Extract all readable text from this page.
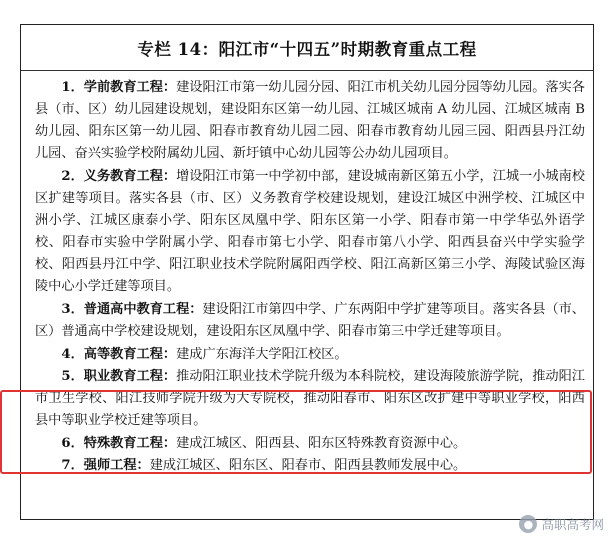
专栏 14：阳江市“十四五”时期教育重点工程

1．学前教育工程：建设阳江市第一幼儿园分园、阳江市机关幼儿园分园等幼儿园。落实各县（市、区）幼儿园建设规划，建设阳东区第一幼儿园、江城区城南 A 幼儿园、江城区城南 B 幼儿园、阳东区第一幼儿园、阳春市教育幼儿园二园、阳春市教育幼儿园三园、阳西县丹江幼儿园、奋兴实验学校附属幼儿园、新圩镇中心幼儿园等公办幼儿园项目。

2．义务教育工程：增设阳江市第一中学初中部，建设城南新区第五小学，江城一小城南校区扩建等项目。落实各县（市、区）义务教育学校建设规划，建设江城区中洲学校、江城区中洲小学、江城区康泰小学、阳东区凤凰中学、阳东区第一小学、阳春市第一中学华弘外语学校、阳春市实验中学附属小学、阳春市第七小学、阳春市第八小学、阳西县奋兴中学实验学校、阳西县丹江中学、阳江职业技术学院附属阳西学校、阳江高新区第三小学、海陵试验区海陵中心小学迁建等项目。

3．普通高中教育工程：建设阳江市第四中学、广东两阳中学扩建等项目。落实各县（市、区）普通高中学校建设规划，建设阳东区凤凰中学、阳春市第三中学迁建等项目。

4．高等教育工程：建成广东海洋大学阳江校区。

5．职业教育工程：推动阳江职业技术学院升级为本科院校，建设海陵旅游学院，推动阳江市卫生学校、阳江技师学院升级为大专院校，推动阳春市、阳东区改扩建中等职业学校，阳西县中等职业学校迁建等项目。

6．特殊教育工程：建成江城区、阳西县、阳东区特殊教育资源中心。

7．强师工程：建成江城区、阳东区、阳春市、阳西县教师发展中心。

● 高职高考网
